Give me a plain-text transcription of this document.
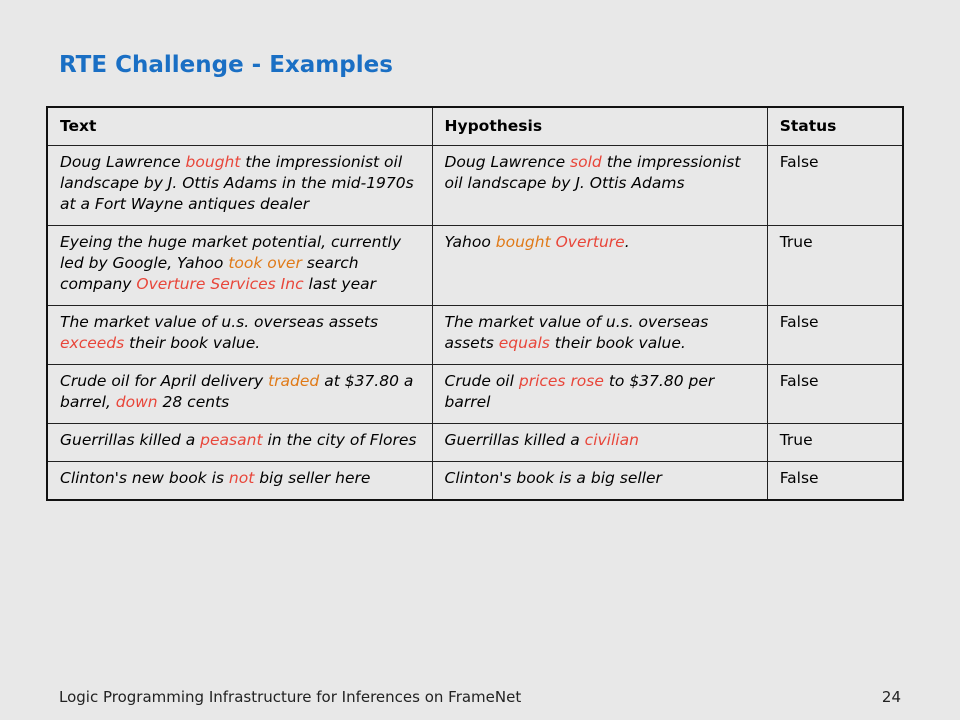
RTE Challenge - Examples
Text	Hypothesis	Status
Doug Lawrence bought the impressionist oil landscape by J. Ottis Adams in the mid-1970s at a Fort Wayne antiques dealer	Doug Lawrence sold the impressionist oil landscape by J. Ottis Adams	False
Eyeing the huge market potential, currently led by Google, Yahoo took over search company Overture Services Inc last year	Yahoo bought Overture.	True
The market value of u.s. overseas assets exceeds their book value.	The market value of u.s. overseas assets equals their book value.	False
Crude oil for April delivery traded at $37.80 a barrel, down 28 cents	Crude oil prices rose to $37.80 per barrel	False
Guerrillas killed a peasant in the city of Flores	Guerrillas killed a civilian	True
Clinton's new book is not big seller here	Clinton's book is a big seller	False
Logic Programming Infrastructure for Inferences on FrameNet	24
